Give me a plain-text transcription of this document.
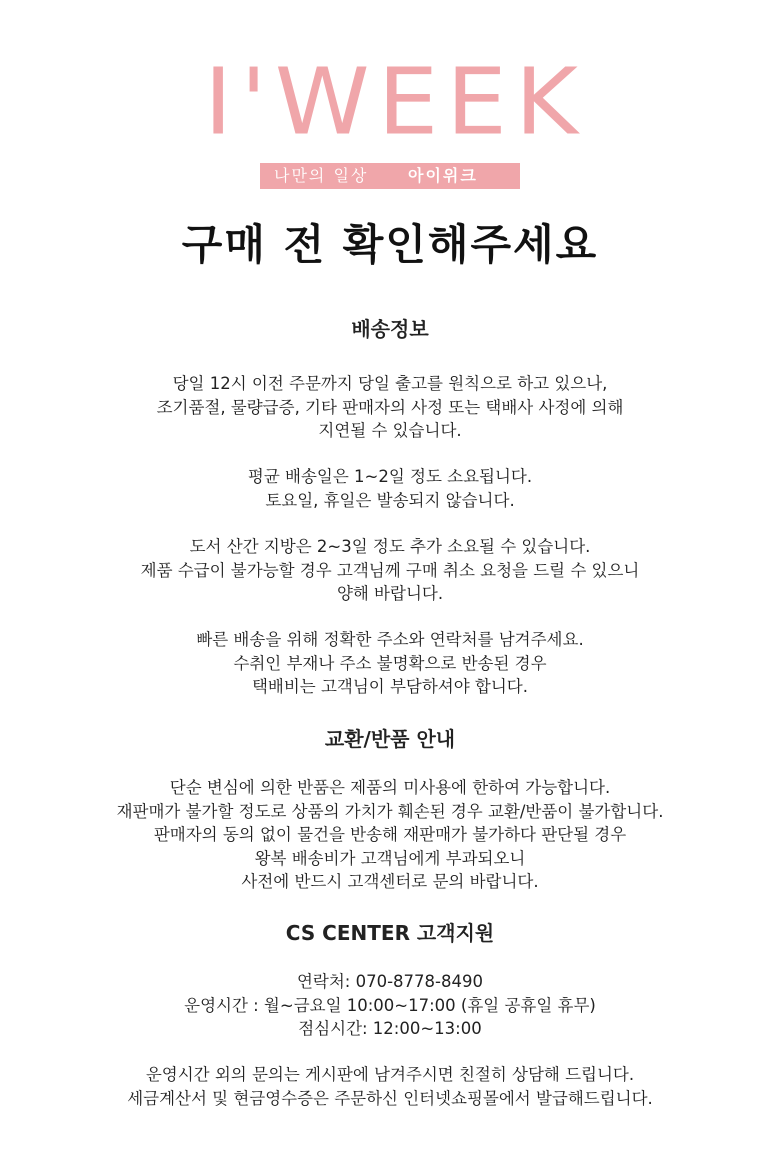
I'WEEK
나만의 일상 아이위크
구매 전 확인해주세요
배송정보

당일 12시 이전 주문까지 당일 출고를 원칙으로 하고 있으나,
조기품절, 물량급증, 기타 판매자의 사정 또는 택배사 사정에 의해
지연될 수 있습니다.

평균 배송일은 1~2일 정도 소요됩니다.
토요일, 휴일은 발송되지 않습니다.

도서 산간 지방은 2~3일 정도 추가 소요될 수 있습니다.
제품 수급이 불가능할 경우 고객님께 구매 취소 요청을 드릴 수 있으니
양해 바랍니다.

빠른 배송을 위해 정확한 주소와 연락처를 남겨주세요.
수취인 부재나 주소 불명확으로 반송된 경우
택배비는 고객님이 부담하셔야 합니다.

교환/반품 안내

단순 변심에 의한 반품은 제품의 미사용에 한하여 가능합니다.
재판매가 불가할 정도로 상품의 가치가 훼손된 경우 교환/반품이 불가합니다.
판매자의 동의 없이 물건을 반송해 재판매가 불가하다 판단될 경우
왕복 배송비가 고객님에게 부과되오니
사전에 반드시 고객센터로 문의 바랍니다.

CS CENTER 고객지원

연락처: 070-8778-8490
운영시간 : 월~금요일 10:00~17:00 (휴일 공휴일 휴무)
점심시간: 12:00~13:00

운영시간 외의 문의는 게시판에 남겨주시면 친절히 상담해 드립니다.
세금계산서 및 현금영수증은 주문하신 인터넷쇼핑몰에서 발급해드립니다.
